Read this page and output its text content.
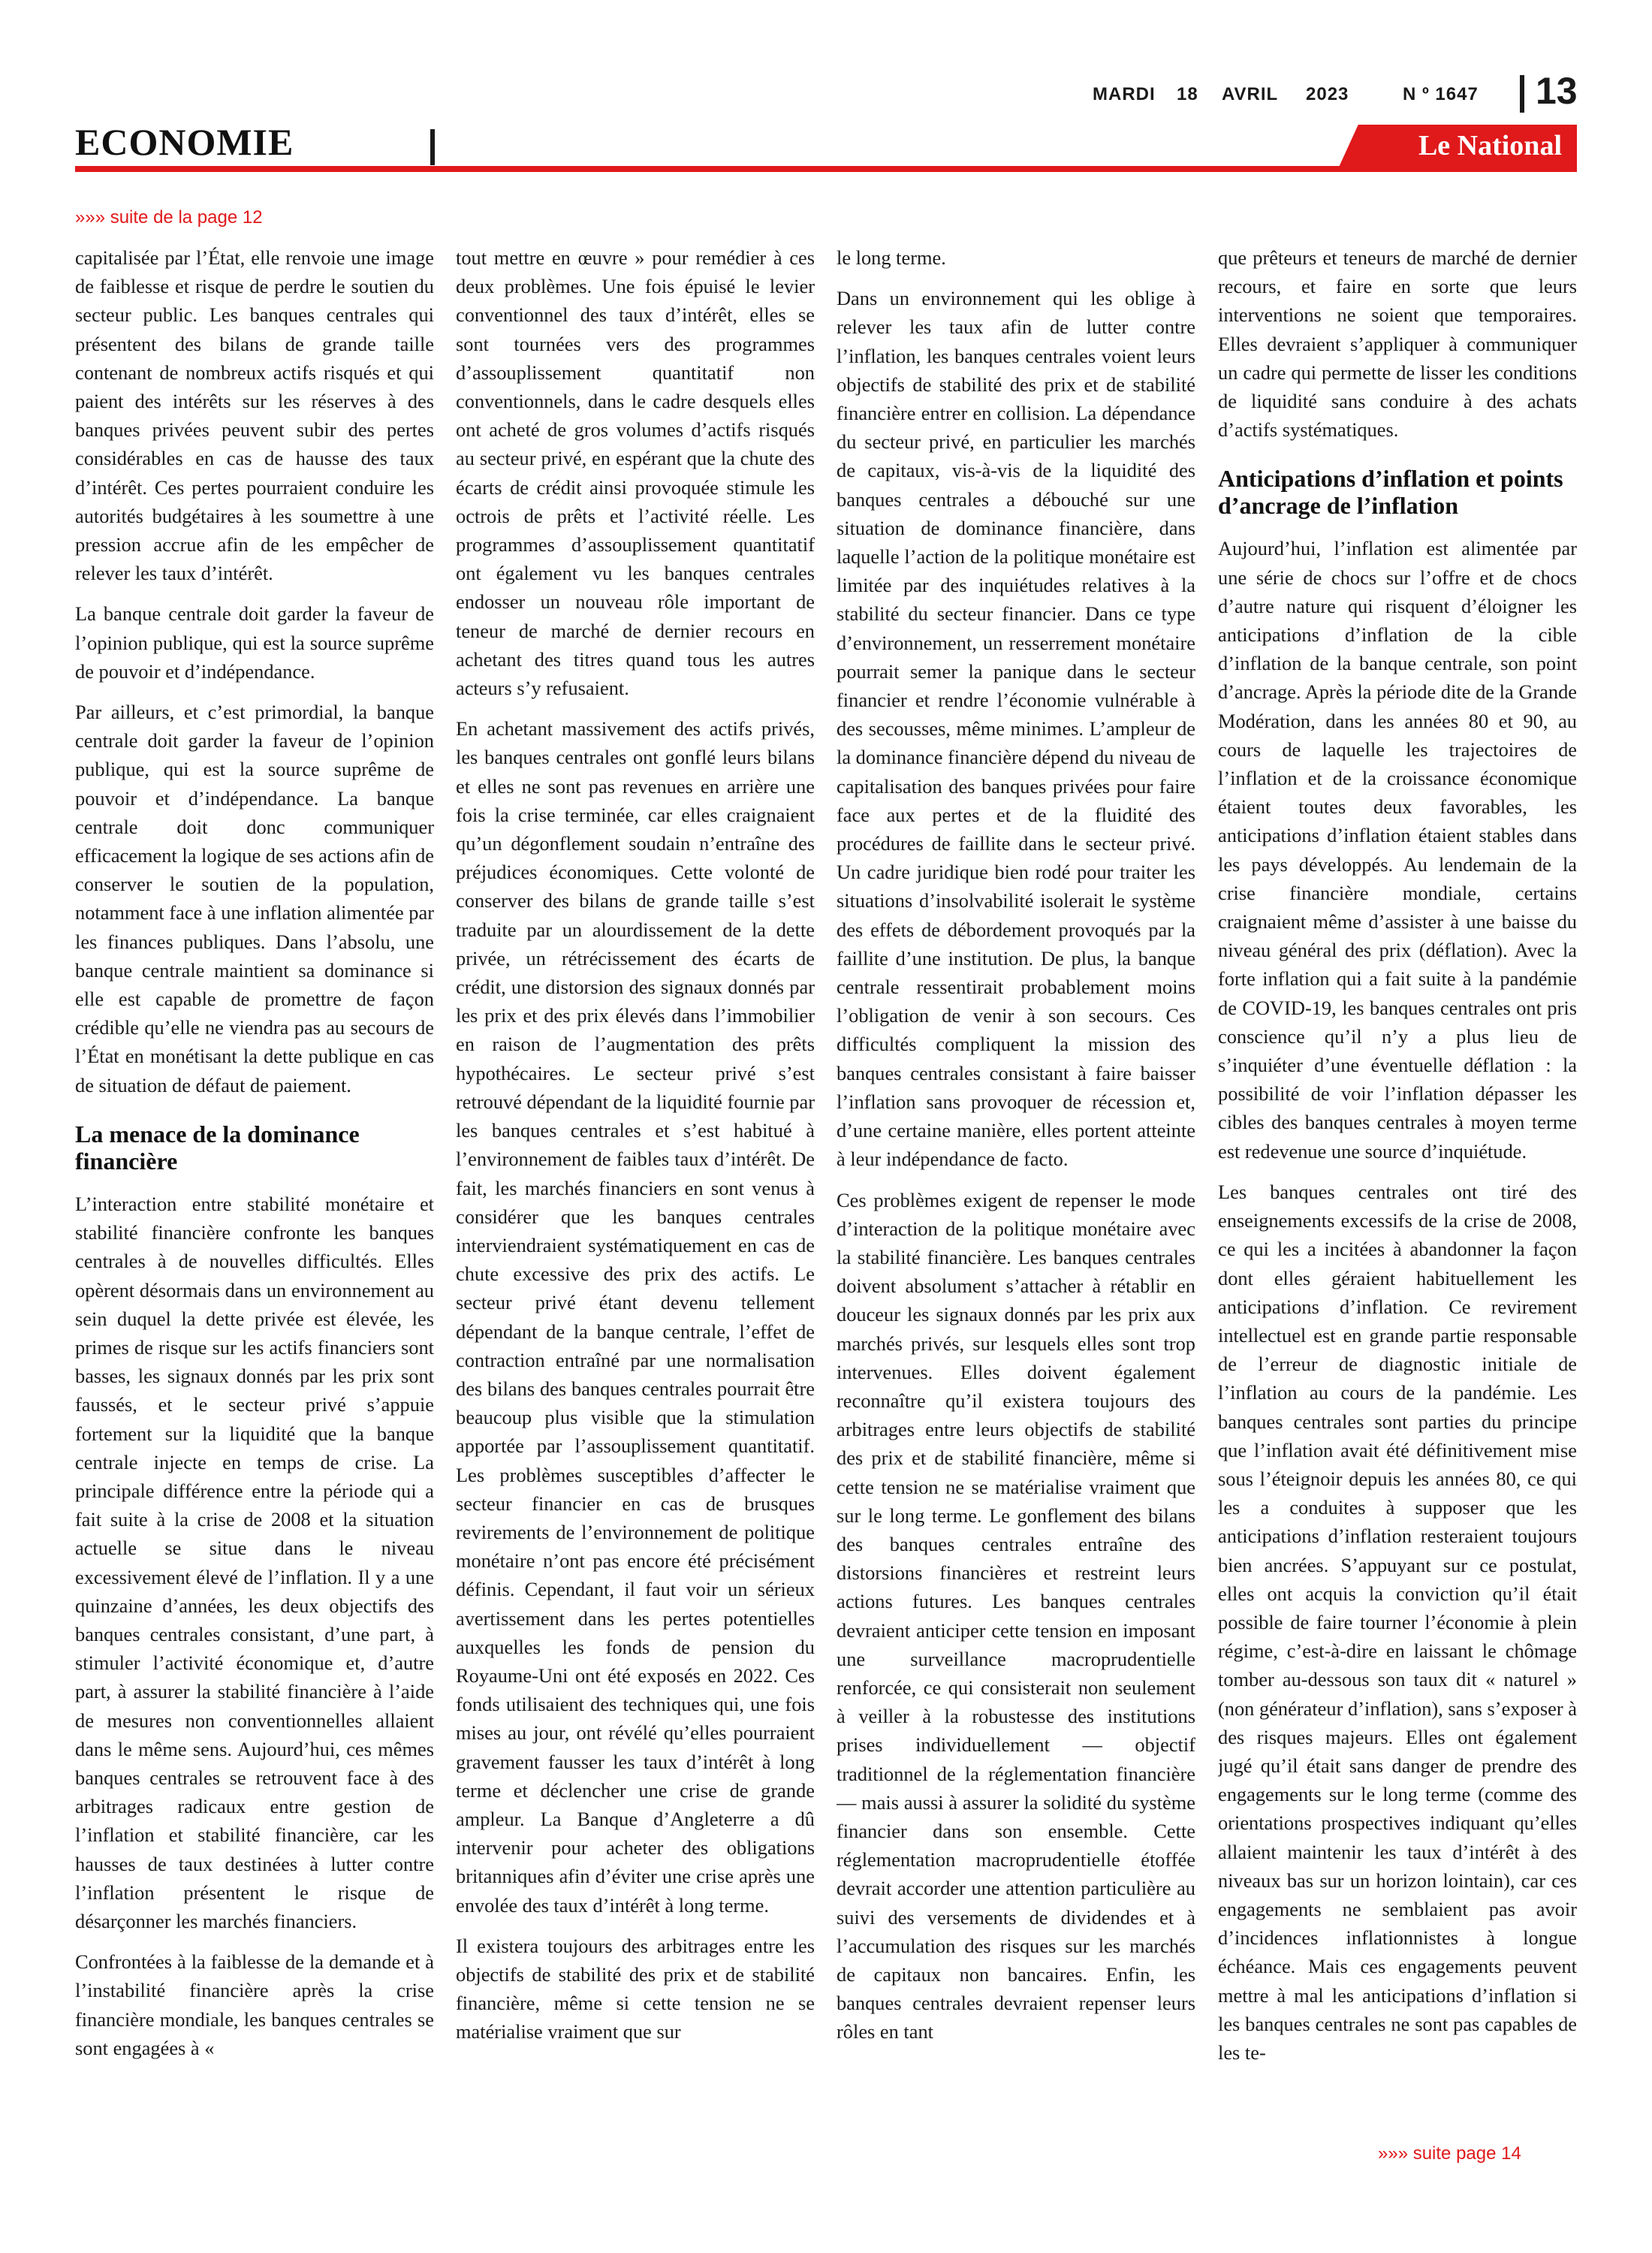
MARDI 18 AVRIL 2023	N º 1647 13
ECONOMIE	Le National
»»» suite de la page 12

capitalisée par l’État, elle renvoie une image de faiblesse et risque de perdre le soutien du secteur public. Les banques centrales qui présentent des bilans de grande taille contenant de nombreux actifs risqués et qui paient des intérêts sur les réserves à des banques privées peuvent subir des pertes considérables en cas de hausse des taux d’intérêt. Ces pertes pourraient conduire les autorités budgétaires à les soumettre à une pression accrue afin de les empêcher de relever les taux d’intérêt.

La banque centrale doit garder la faveur de l’opinion publique, qui est la source suprême de pouvoir et d’indépendance.

Par ailleurs, et c’est primordial, la banque centrale doit garder la faveur de l’opinion publique, qui est la source suprême de pouvoir et d’indépendance. La banque centrale doit donc communiquer efficacement la logique de ses actions afin de conserver le soutien de la population, notamment face à une inflation alimentée par les finances publiques. Dans l’absolu, une banque centrale maintient sa dominance si elle est capable de promettre de façon crédible qu’elle ne viendra pas au secours de l’État en monétisant la dette publique en cas de situation de défaut de paiement.

La menace de la dominance financière

L’interaction entre stabilité monétaire et stabilité financière confronte les banques centrales à de nouvelles difficultés. Elles opèrent désormais dans un environnement au sein duquel la dette privée est élevée, les primes de risque sur les actifs financiers sont basses, les signaux donnés par les prix sont faussés, et le secteur privé s’appuie fortement sur la liquidité que la banque centrale injecte en temps de crise. La principale différence entre la période qui a fait suite à la crise de 2008 et la situation actuelle se situe dans le niveau excessivement élevé de l’inflation. Il y a une quinzaine d’années, les deux objectifs des banques centrales consistant, d’une part, à stimuler l’activité économique et, d’autre part, à assurer la stabilité financière à l’aide de mesures non conventionnelles allaient dans le même sens. Aujourd’hui, ces mêmes banques centrales se retrouvent face à des arbitrages radicaux entre gestion de l’inflation et stabilité financière, car les hausses de taux destinées à lutter contre l’inflation présentent le risque de désarçonner les marchés financiers.

Confrontées à la faiblesse de la demande et à l’instabilité financière après la crise financière mondiale, les banques centrales se sont engagées à «

tout mettre en œuvre » pour remédier à ces deux problèmes. Une fois épuisé le levier conventionnel des taux d’intérêt, elles se sont tournées vers des programmes d’assouplissement quantitatif non conventionnels, dans le cadre desquels elles ont acheté de gros volumes d’actifs risqués au secteur privé, en espérant que la chute des écarts de crédit ainsi provoquée stimule les octrois de prêts et l’activité réelle. Les programmes d’assouplissement quantitatif ont également vu les banques centrales endosser un nouveau rôle important de teneur de marché de dernier recours en achetant des titres quand tous les autres acteurs s’y refusaient.

En achetant massivement des actifs privés, les banques centrales ont gonflé leurs bilans et elles ne sont pas revenues en arrière une fois la crise terminée, car elles craignaient qu’un dégonflement soudain n’entraîne des préjudices économiques. Cette volonté de conserver des bilans de grande taille s’est traduite par un alourdissement de la dette privée, un rétrécissement des écarts de crédit, une distorsion des signaux donnés par les prix et des prix élevés dans l’immobilier en raison de l’augmentation des prêts hypothécaires. Le secteur privé s’est retrouvé dépendant de la liquidité fournie par les banques centrales et s’est habitué à l’environnement de faibles taux d’intérêt. De fait, les marchés financiers en sont venus à considérer que les banques centrales interviendraient systématiquement en cas de chute excessive des prix des actifs. Le secteur privé étant devenu tellement dépendant de la banque centrale, l’effet de contraction entraîné par une normalisation des bilans des banques centrales pourrait être beaucoup plus visible que la stimulation apportée par l’assouplissement quantitatif. Les problèmes susceptibles d’affecter le secteur financier en cas de brusques revirements de l’environnement de politique monétaire n’ont pas encore été précisément définis. Cependant, il faut voir un sérieux avertissement dans les pertes potentielles auxquelles les fonds de pension du Royaume-Uni ont été exposés en 2022. Ces fonds utilisaient des techniques qui, une fois mises au jour, ont révélé qu’elles pourraient gravement fausser les taux d’intérêt à long terme et déclencher une crise de grande ampleur. La Banque d’Angleterre a dû intervenir pour acheter des obligations britanniques afin d’éviter une crise après une envolée des taux d’intérêt à long terme.

Il existera toujours des arbitrages entre les objectifs de stabilité des prix et de stabilité financière, même si cette tension ne se matérialise vraiment que sur

le long terme.

Dans un environnement qui les oblige à relever les taux afin de lutter contre l’inflation, les banques centrales voient leurs objectifs de stabilité des prix et de stabilité financière entrer en collision. La dépendance du secteur privé, en particulier les marchés de capitaux, vis-à-vis de la liquidité des banques centrales a débouché sur une situation de dominance financière, dans laquelle l’action de la politique monétaire est limitée par des inquiétudes relatives à la stabilité du secteur financier. Dans ce type d’environnement, un resserrement monétaire pourrait semer la panique dans le secteur financier et rendre l’économie vulnérable à des secousses, même minimes. L’ampleur de la dominance financière dépend du niveau de capitalisation des banques privées pour faire face aux pertes et de la fluidité des procédures de faillite dans le secteur privé. Un cadre juridique bien rodé pour traiter les situations d’insolvabilité isolerait le système des effets de débordement provoqués par la faillite d’une institution. De plus, la banque centrale ressentirait probablement moins l’obligation de venir à son secours. Ces difficultés compliquent la mission des banques centrales consistant à faire baisser l’inflation sans provoquer de récession et, d’une certaine manière, elles portent atteinte à leur indépendance de facto.

Ces problèmes exigent de repenser le mode d’interaction de la politique monétaire avec la stabilité financière. Les banques centrales doivent absolument s’attacher à rétablir en douceur les signaux donnés par les prix aux marchés privés, sur lesquels elles sont trop intervenues. Elles doivent également reconnaître qu’il existera toujours des arbitrages entre leurs objectifs de stabilité des prix et de stabilité financière, même si cette tension ne se matérialise vraiment que sur le long terme. Le gonflement des bilans des banques centrales entraîne des distorsions financières et restreint leurs actions futures. Les banques centrales devraient anticiper cette tension en imposant une surveillance macroprudentielle renforcée, ce qui consisterait non seulement à veiller à la robustesse des institutions prises individuellement — objectif traditionnel de la réglementation financière — mais aussi à assurer la solidité du système financier dans son ensemble. Cette réglementation macroprudentielle étoffée devrait accorder une attention particulière au suivi des versements de dividendes et à l’accumulation des risques sur les marchés de capitaux non bancaires. Enfin, les banques centrales devraient repenser leurs rôles en tant

que prêteurs et teneurs de marché de dernier recours, et faire en sorte que leurs interventions ne soient que temporaires. Elles devraient s’appliquer à communiquer un cadre qui permette de lisser les conditions de liquidité sans conduire à des achats d’actifs systématiques.

Anticipations d’inflation et points d’ancrage de l’inflation

Aujourd’hui, l’inflation est alimentée par une série de chocs sur l’offre et de chocs d’autre nature qui risquent d’éloigner les anticipations d’inflation de la cible d’inflation de la banque centrale, son point d’ancrage. Après la période dite de la Grande Modération, dans les années 80 et 90, au cours de laquelle les trajectoires de l’inflation et de la croissance économique étaient toutes deux favorables, les anticipations d’inflation étaient stables dans les pays développés. Au lendemain de la crise financière mondiale, certains craignaient même d’assister à une baisse du niveau général des prix (déflation). Avec la forte inflation qui a fait suite à la pandémie de COVID-19, les banques centrales ont pris conscience qu’il n’y a plus lieu de s’inquiéter d’une éventuelle déflation : la possibilité de voir l’inflation dépasser les cibles des banques centrales à moyen terme est redevenue une source d’inquiétude.

Les banques centrales ont tiré des enseignements excessifs de la crise de 2008, ce qui les a incitées à abandonner la façon dont elles géraient habituellement les anticipations d’inflation. Ce revirement intellectuel est en grande partie responsable de l’erreur de diagnostic initiale de l’inflation au cours de la pandémie. Les banques centrales sont parties du principe que l’inflation avait été définitivement mise sous l’éteignoir depuis les années 80, ce qui les a conduites à supposer que les anticipations d’inflation resteraient toujours bien ancrées. S’appuyant sur ce postulat, elles ont acquis la conviction qu’il était possible de faire tourner l’économie à plein régime, c’est-à-dire en laissant le chômage tomber au-dessous son taux dit « naturel » (non générateur d’inflation), sans s’exposer à des risques majeurs. Elles ont également jugé qu’il était sans danger de prendre des engagements sur le long terme (comme des orientations prospectives indiquant qu’elles allaient maintenir les taux d’intérêt à des niveaux bas sur un horizon lointain), car ces engagements ne semblaient pas avoir d’incidences inflationnistes à longue échéance. Mais ces engagements peuvent mettre à mal les anticipations d’inflation si les banques centrales ne sont pas capables de les te-

»»» suite page 14
